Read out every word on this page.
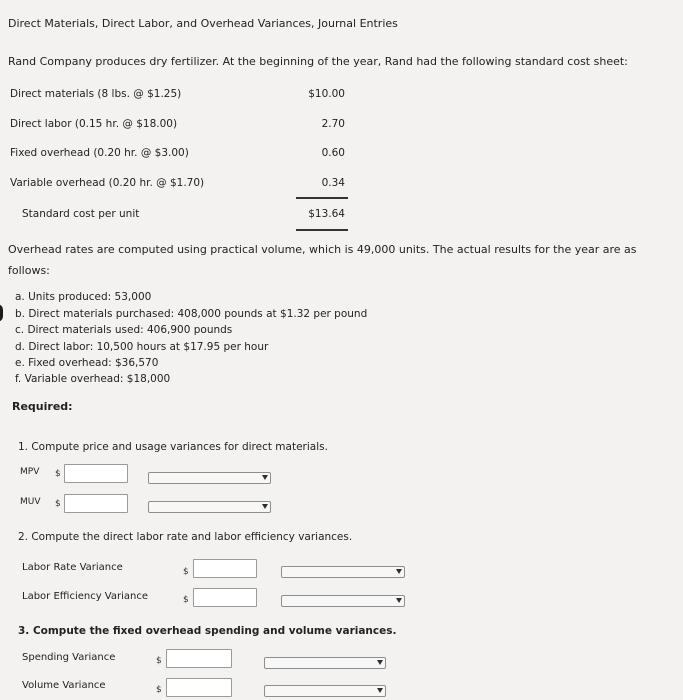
Direct Materials, Direct Labor, and Overhead Variances, Journal Entries
Rand Company produces dry fertilizer. At the beginning of the year, Rand had the following standard cost sheet:
Direct materials (8 lbs. @ $1.25)	$10.00
Direct labor (0.15 hr. @ $18.00)	2.70
Fixed overhead (0.20 hr. @ $3.00)	0.60
Variable overhead (0.20 hr. @ $1.70)	0.34
Standard cost per unit	$13.64
Overhead rates are computed using practical volume, which is 49,000 units. The actual results for the year are as
follows:
a. Units produced: 53,000
b. Direct materials purchased: 408,000 pounds at $1.32 per pound
c. Direct materials used: 406,900 pounds
d. Direct labor: 10,500 hours at $17.95 per hour
e. Fixed overhead: $36,570
f. Variable overhead: $18,000
Required:
1. Compute price and usage variances for direct materials.
MPV $
MUV $
2. Compute the direct labor rate and labor efficiency variances.
Labor Rate Variance	$
Labor Efficiency Variance	$
3. Compute the fixed overhead spending and volume variances.
Spending Variance	$
Volume Variance	$
